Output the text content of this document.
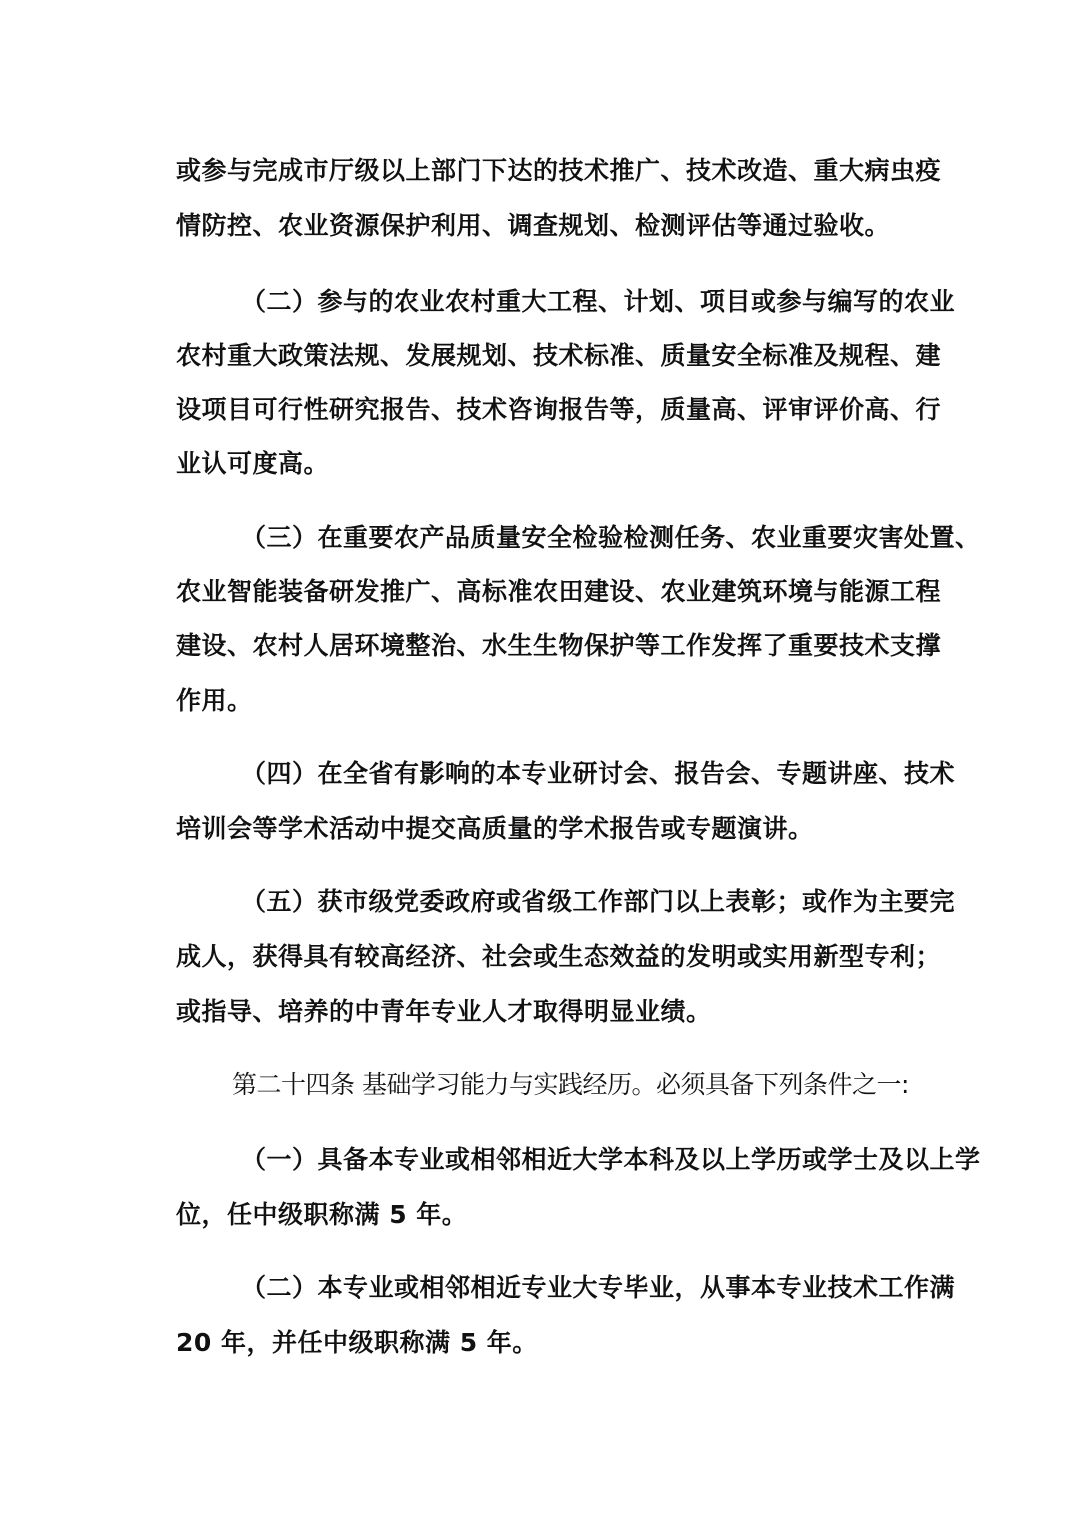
或参与完成市厅级以上部门下达的技术推广、技术改造、重大病虫疫
情防控、农业资源保护利用、调查规划、检测评估等通过验收。
（二）参与的农业农村重大工程、计划、项目或参与编写的农业
农村重大政策法规、发展规划、技术标准、质量安全标准及规程、建
设项目可行性研究报告、技术咨询报告等，质量高、评审评价高、行
业认可度高。
（三）在重要农产品质量安全检验检测任务、农业重要灾害处置、
农业智能装备研发推广、高标准农田建设、农业建筑环境与能源工程
建设、农村人居环境整治、水生生物保护等工作发挥了重要技术支撑
作用。
（四）在全省有影响的本专业研讨会、报告会、专题讲座、技术
培训会等学术活动中提交高质量的学术报告或专题演讲。
（五）获市级党委政府或省级工作部门以上表彰；或作为主要完
成人，获得具有较高经济、社会或生态效益的发明或实用新型专利；
或指导、培养的中青年专业人才取得明显业绩。
第二十四条 基础学习能力与实践经历。必须具备下列条件之一:
（一）具备本专业或相邻相近大学本科及以上学历或学士及以上学
位，任中级职称满 5 年。
（二）本专业或相邻相近专业大专毕业，从事本专业技术工作满
20 年，并任中级职称满 5 年。
